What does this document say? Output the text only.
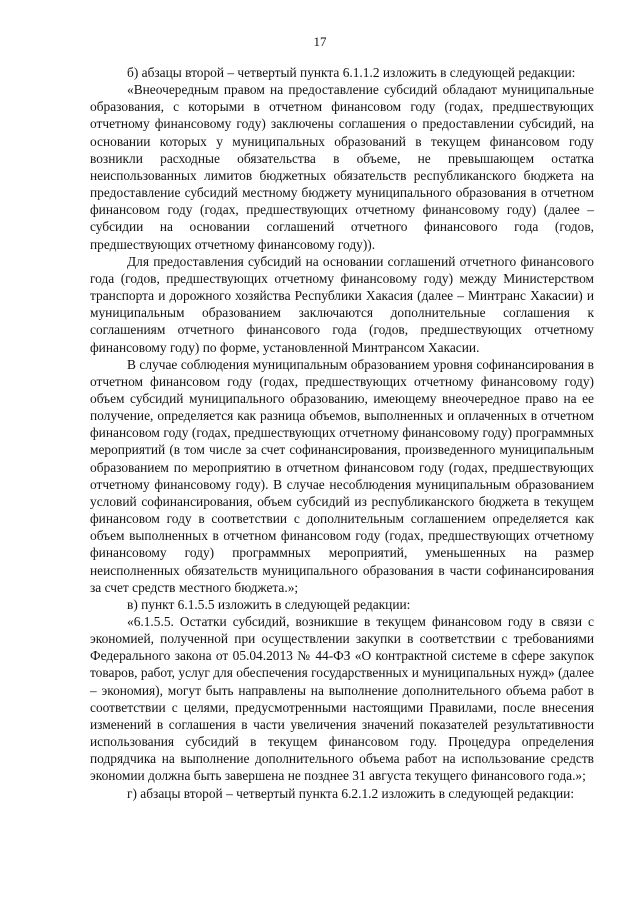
17

б) абзацы второй – четвертый пункта 6.1.1.2 изложить в следующей редакции:

«Внеочередным правом на предоставление субсидий обладают муниципальные образования, с которыми в отчетном финансовом году (годах, предшествующих отчетному финансовому году) заключены соглашения о предоставлении субсидий, на основании которых у муниципальных образований в текущем финансовом году возникли расходные обязательства в объеме, не превышающем остатка неиспользованных лимитов бюджетных обязательств республиканского бюджета на предоставление субсидий местному бюджету муниципального образования в отчетном финансовом году (годах, предшествующих отчетному финансовому году) (далее – субсидии на основании соглашений отчетного финансового года (годов, предшествующих отчетному финансовому году)).

Для предоставления субсидий на основании соглашений отчетного финансового года (годов, предшествующих отчетному финансовому году) между Министерством транспорта и дорожного хозяйства Республики Хакасия (далее – Минтранс Хакасии) и муниципальным образованием заключаются дополнительные соглашения к соглашениям отчетного финансового года (годов, предшествующих отчетному финансовому году) по форме, установленной Минтрансом Хакасии.

В случае соблюдения муниципальным образованием уровня софинансирования в отчетном финансовом году (годах, предшествующих отчетному финансовому году) объем субсидий муниципального образованию, имеющему внеочередное право на ее получение, определяется как разница объемов, выполненных и оплаченных в отчетном финансовом году (годах, предшествующих отчетному финансовому году) программных мероприятий (в том числе за счет софинансирования, произведенного муниципальным образованием по мероприятию в отчетном финансовом году (годах, предшествующих отчетному финансовому году). В случае несоблюдения муниципальным образованием условий софинансирования, объем субсидий из республиканского бюджета в текущем финансовом году в соответствии с дополнительным соглашением определяется как объем выполненных в отчетном финансовом году (годах, предшествующих отчетному финансовому году) программных мероприятий, уменьшенных на размер неисполненных обязательств муниципального образования в части софинансирования за счет средств местного бюджета.»;

в) пункт 6.1.5.5 изложить в следующей редакции:

«6.1.5.5. Остатки субсидий, возникшие в текущем финансовом году в связи с экономией, полученной при осуществлении закупки в соответствии с требованиями Федерального закона от 05.04.2013 № 44-ФЗ «О контрактной системе в сфере закупок товаров, работ, услуг для обеспечения государственных и муниципальных нужд» (далее – экономия), могут быть направлены на выполнение дополнительного объема работ в соответствии с целями, предусмотренными настоящими Правилами, после внесения изменений в соглашения в части увеличения значений показателей результативности использования субсидий в текущем финансовом году. Процедура определения подрядчика на выполнение дополнительного объема работ на использование средств экономии должна быть завершена не позднее 31 августа текущего финансового года.»;

г) абзацы второй – четвертый пункта 6.2.1.2 изложить в следующей редакции:
